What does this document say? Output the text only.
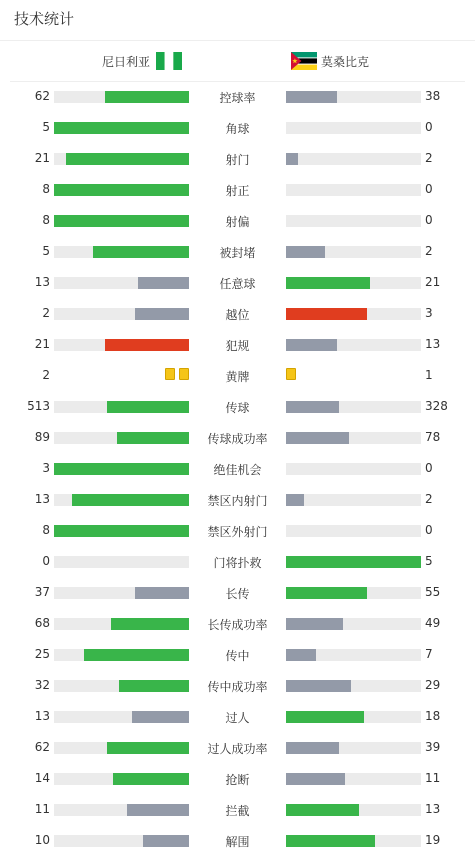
技术统计
尼日利亚	莫桑比克
62	控球率	38
5	角球	0
21	射门	2
8	射正	0
8	射偏	0
5	被封堵	2
13	任意球	21
2	越位	3
21	犯规	13
2	黄牌	1
513	传球	328
89	传球成功率	78
3	绝佳机会	0
13	禁区内射门	2
8	禁区外射门	0
0	门将扑救	5
37	长传	55
68	长传成功率	49
25	传中	7
32	传中成功率	29
13	过人	18
62	过人成功率	39
14	抢断	11
11	拦截	13
10	解围	19
